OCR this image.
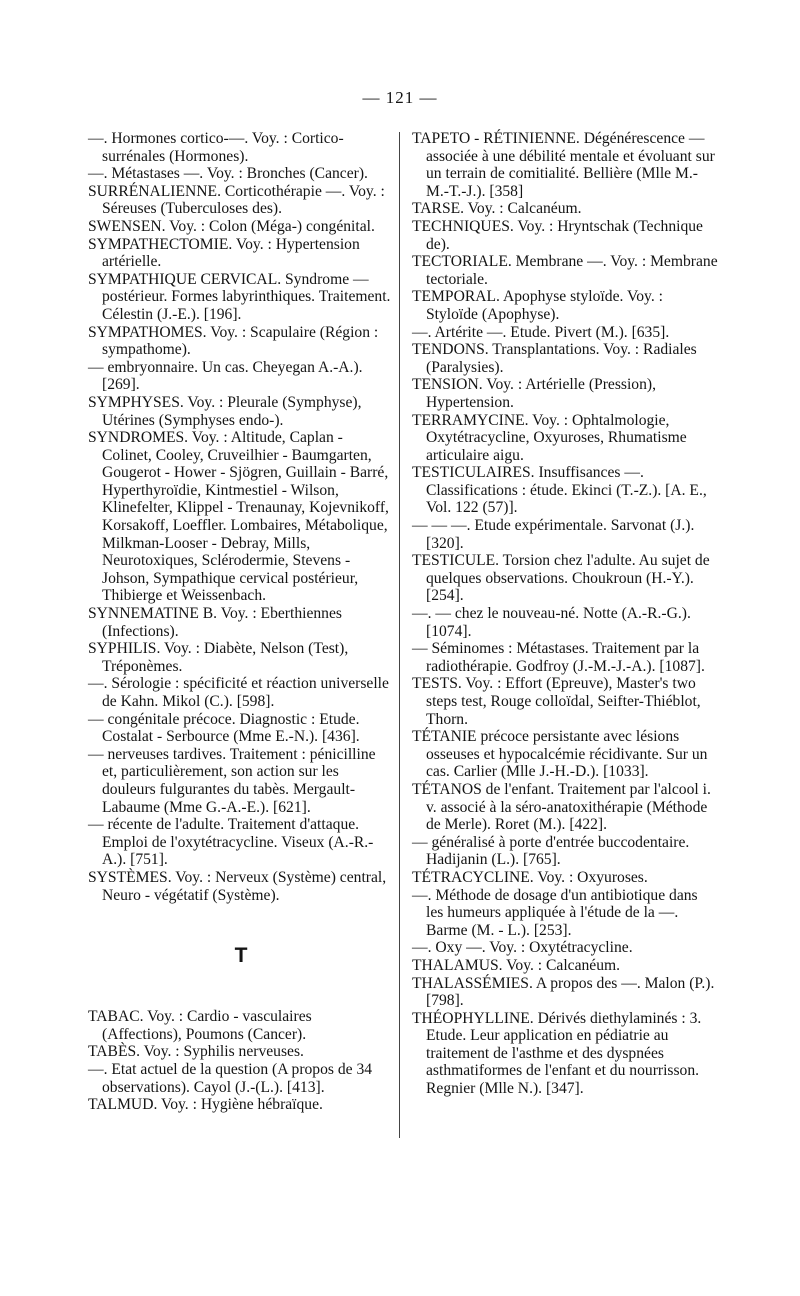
— 121 —

—. Hormones cortico-—. Voy. : Cortico-surrénales (Hormones).

—. Métastases —. Voy. : Bronches (Cancer).

SURRÉNALIENNE. Corticothérapie —. Voy. : Séreuses (Tuberculoses des).

SWENSEN. Voy. : Colon (Méga-) congénital.

SYMPATHECTOMIE. Voy. : Hypertension artérielle.

SYMPATHIQUE CERVICAL. Syndrome — postérieur. Formes labyrinthiques. Traitement. Célestin (J.-E.). [196].

SYMPATHOMES. Voy. : Scapulaire (Région : sympathome).

— embryonnaire. Un cas. Cheyegan A.-A.). [269].

SYMPHYSES. Voy. : Pleurale (Symphyse), Utérines (Symphyses endo-).

SYNDROMES. Voy. : Altitude, Caplan - Colinet, Cooley, Cruveilhier - Baumgarten, Gougerot - Hower - Sjögren, Guillain - Barré, Hyperthyroïdie, Kintmestiel - Wilson, Klinefelter, Klippel - Trenaunay, Kojevnikoff, Korsakoff, Loeffler. Lombaires, Métabolique, Milkman-Looser - Debray, Mills, Neurotoxiques, Sclérodermie, Stevens - Johson, Sympathique cervical postérieur, Thibierge et Weissenbach.

SYNNEMATINE B. Voy. : Eberthiennes (Infections).

SYPHILIS. Voy. : Diabète, Nelson (Test), Tréponèmes.

—. Sérologie : spécificité et réaction universelle de Kahn. Mikol (C.). [598].

— congénitale précoce. Diagnostic : Etude. Costalat - Serbource (Mme E.-N.). [436].

— nerveuses tardives. Traitement : pénicilline et, particulièrement, son action sur les douleurs fulgurantes du tabès. Mergault-Labaume (Mme G.-A.-E.). [621].

— récente de l'adulte. Traitement d'attaque. Emploi de l'oxytétracycline. Viseux (A.-R.-A.). [751].

SYSTÈMES. Voy. : Nerveux (Système) central, Neuro - végétatif (Système).

T

TABAC. Voy. : Cardio - vasculaires (Affections), Poumons (Cancer).

TABÈS. Voy. : Syphilis nerveuses.

—. Etat actuel de la question (A propos de 34 observations). Cayol (J.-(L.). [413].

TALMUD. Voy. : Hygiène hébraïque.

TAPETO - RÉTINIENNE. Dégénérescence — associée à une débilité mentale et évoluant sur un terrain de comitialité. Bellière (Mlle M.-M.-T.-J.). [358]

TARSE. Voy. : Calcanéum.

TECHNIQUES. Voy. : Hryntschak (Technique de).

TECTORIALE. Membrane —. Voy. : Membrane tectoriale.

TEMPORAL. Apophyse styloïde. Voy. : Styloïde (Apophyse).

—. Artérite —. Etude. Pivert (M.). [635].

TENDONS. Transplantations. Voy. : Radiales (Paralysies).

TENSION. Voy. : Artérielle (Pression), Hypertension.

TERRAMYCINE. Voy. : Ophtalmologie, Oxytétracycline, Oxyuroses, Rhumatisme articulaire aigu.

TESTICULAIRES. Insuffisances —. Classifications : étude. Ekinci (T.-Z.). [A. E., Vol. 122 (57)].

— — —. Etude expérimentale. Sarvonat (J.). [320].

TESTICULE. Torsion chez l'adulte. Au sujet de quelques observations. Choukroun (H.-Y.). [254].

—. — chez le nouveau-né. Notte (A.-R.-G.). [1074].

— Séminomes : Métastases. Traitement par la radiothérapie. Godfroy (J.-M.-J.-A.). [1087].

TESTS. Voy. : Effort (Epreuve), Master's two steps test, Rouge colloïdal, Seifter-Thiéblot, Thorn.

TÉTANIE précoce persistante avec lésions osseuses et hypocalcémie récidivante. Sur un cas. Carlier (Mlle J.-H.-D.). [1033].

TÉTANOS de l'enfant. Traitement par l'alcool i. v. associé à la séro-anatoxithérapie (Méthode de Merle). Roret (M.). [422].

— généralisé à porte d'entrée buccodentaire. Hadijanin (L.). [765].

TÉTRACYCLINE. Voy. : Oxyuroses.

—. Méthode de dosage d'un antibiotique dans les humeurs appliquée à l'étude de la —. Barme (M. - L.). [253].

—. Oxy —. Voy. : Oxytétracycline.

THALAMUS. Voy. : Calcanéum.

THALASSÉMIES. A propos des —. Malon (P.). [798].

THÉOPHYLLINE. Dérivés diethylaminés : 3. Etude. Leur application en pédiatrie au traitement de l'asthme et des dyspnées asthmatiformes de l'enfant et du nourrisson. Regnier (Mlle N.). [347].
